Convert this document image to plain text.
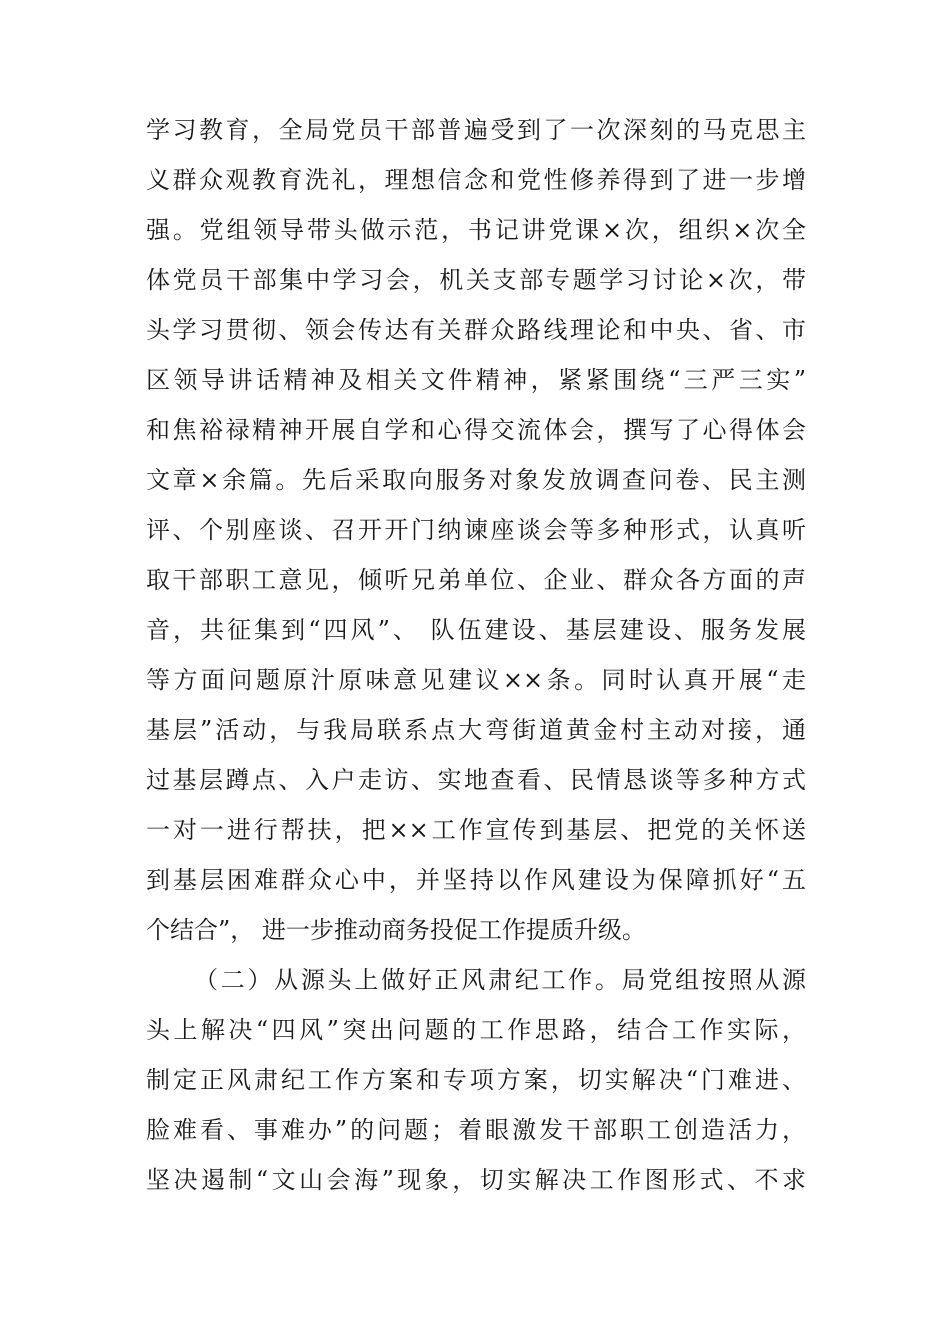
学习教育，全局党员干部普遍受到了一次深刻的马克思主
义群众观教育洗礼，理想信念和党性修养得到了进一步增
强。党组领导带头做示范，书记讲党课×次，组织×次全
体党员干部集中学习会，机关支部专题学习讨论×次，带
头学习贯彻、领会传达有关群众路线理论和中央、省、市
区领导讲话精神及相关文件精神，紧紧围绕“三严三实”
和焦裕禄精神开展自学和心得交流体会，撰写了心得体会
文章×余篇。先后采取向服务对象发放调查问卷、民主测
评、个别座谈、召开开门纳谏座谈会等多种形式，认真听
取干部职工意见，倾听兄弟单位、企业、群众各方面的声
音，共征集到“四风”、 队伍建设、基层建设、服务发展
等方面问题原汁原味意见建议××条。同时认真开展“走
基层”活动，与我局联系点大弯街道黄金村主动对接，通
过基层蹲点、入户走访、实地查看、民情恳谈等多种方式
一对一进行帮扶，把××工作宣传到基层、把党的关怀送
到基层困难群众心中，并坚持以作风建设为保障抓好“五
个结合”， 进一步推动商务投促工作提质升级。
（二）从源头上做好正风肃纪工作。局党组按照从源
头上解决“四风”突出问题的工作思路，结合工作实际，
制定正风肃纪工作方案和专项方案，切实解决“门难进、
脸难看、事难办”的问题；着眼激发干部职工创造活力，
坚决遏制“文山会海”现象，切实解决工作图形式、不求
